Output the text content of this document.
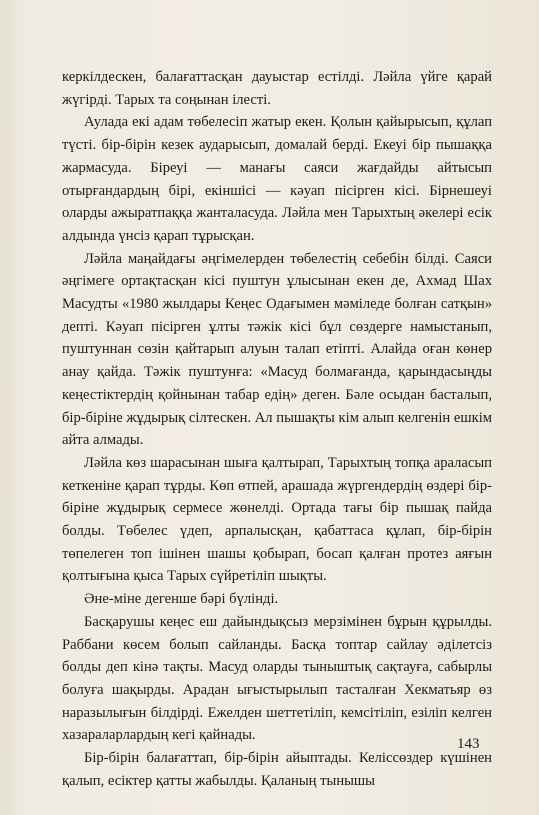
керкілдескен, балағаттасқан дауыстар естілді. Ләйла үйге қарай жүгірді. Тарых та соңынан ілесті.

Аулада екі адам төбелесіп жатыр екен. Қолын қайырысып, құлап түсті. бір-бірін кезек аударысып, домалай берді. Екеуі бір пышаққа жармасуда. Біреуі — манағы саяси жағдайды айтысып отырғандардың бірі, екіншісі — кәуап пісірген кісі. Бірнешеуі оларды ажыратпаққа жанталасуда. Ләйла мен Тарыхтың әкелері есік алдында үнсіз қарап тұрысқан.

Ләйла маңайдағы әңгімелерден төбелестің себебін білді. Саяси әңгімеге ортақтасқан кісі пуштун ұлысынан екен де, Ахмад Шах Масудты «1980 жылдары Кеңес Одағымен мәміледе болған сатқын» депті. Кәуап пісірген ұлты тәжік кісі бұл сөздерге намыстанып, пуштуннан сөзін қайтарып алуын талап етіпті. Алайда оған көнер анау қайда. Тәжік пуштунға: «Масуд болмағанда, қарындасыңды кеңестіктердің қойнынан табар едің» деген. Бәле осыдан басталып, бір-біріне жұдырық сілтескен. Ал пышақты кім алып келгенін ешкім айта алмады.

Ләйла көз шарасынан шыға қалтырап, Тарыхтың топқа араласып кеткеніне қарап тұрды. Көп өтпей, арашада жүргендердің өздері бір-біріне жұдырық сермесе жөнелді. Ортада тағы бір пышақ пайда болды. Төбелес үдеп, арпалысқан, қабаттаса құлап, бір-бірін төпелеген топ ішінен шашы қобырап, босап қалған протез аяғын қолтығына қыса Тарых сүйретіліп шықты.

Әне-міне дегенше бәрі бүлінді.

Басқарушы кеңес еш дайындықсыз мерзімінен бұрын құрылды. Раббани көсем болып сайланды. Басқа топтар сайлау әділетсіз болды деп кінә тақты. Масуд оларды тыныштық сақтауға, сабырлы болуға шақырды. Арадан ығыстырылып тасталған Хекматьяр өз наразылығын білдірді. Ежелден шеттетіліп, кемсітіліп, езіліп келген хазараларлардың кегі қайнады.

Бір-бірін балағаттап, бір-бірін айыптады. Келіссөздер күшінен қалып, есіктер қатты жабылды. Қаланың тынышы

143
